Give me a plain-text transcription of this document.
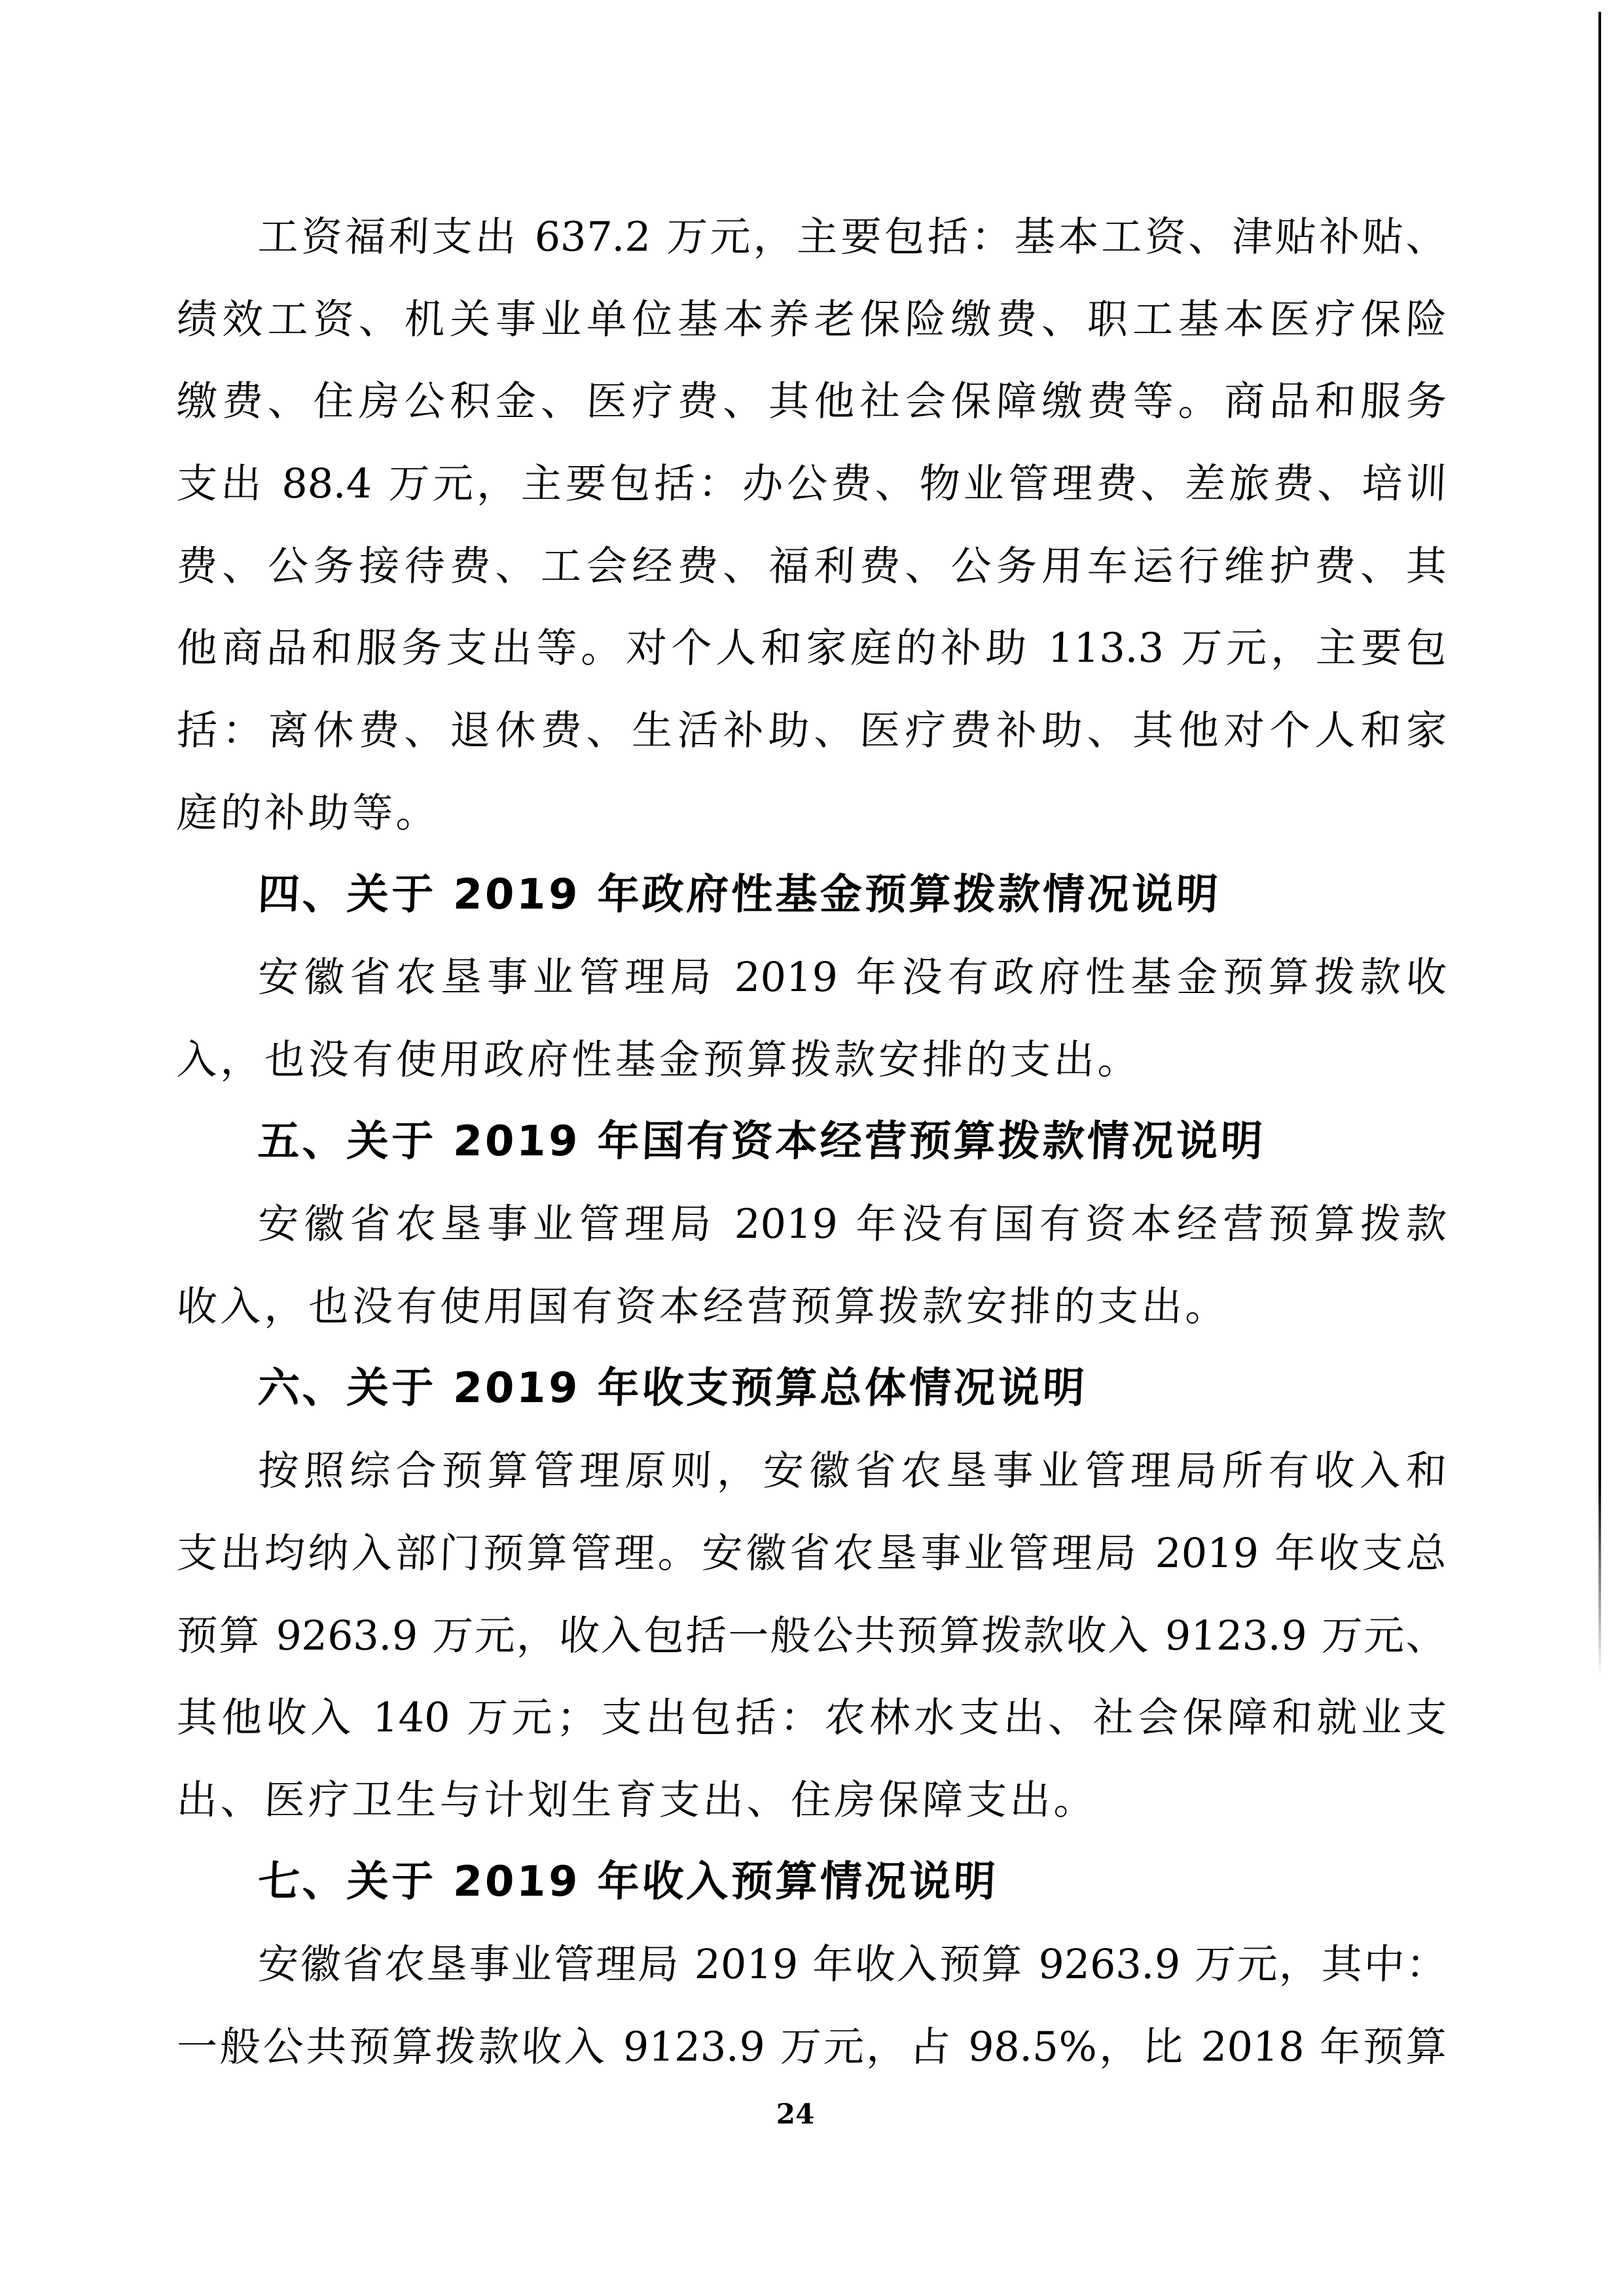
工资福利支出 637.2 万元，主要包括：基本工资、津贴补贴、
绩效工资、机关事业单位基本养老保险缴费、职工基本医疗保险
缴费、住房公积金、医疗费、其他社会保障缴费等。商品和服务
支出 88.4 万元，主要包括：办公费、物业管理费、差旅费、培训
费、公务接待费、工会经费、福利费、公务用车运行维护费、其
他商品和服务支出等。对个人和家庭的补助 113.3 万元，主要包
括：离休费、退休费、生活补助、医疗费补助、其他对个人和家
庭的补助等。
四、关于 2019 年政府性基金预算拨款情况说明
安徽省农垦事业管理局 2019 年没有政府性基金预算拨款收
入，也没有使用政府性基金预算拨款安排的支出。
五、关于 2019 年国有资本经营预算拨款情况说明
安徽省农垦事业管理局 2019 年没有国有资本经营预算拨款
收入，也没有使用国有资本经营预算拨款安排的支出。
六、关于 2019 年收支预算总体情况说明
按照综合预算管理原则，安徽省农垦事业管理局所有收入和
支出均纳入部门预算管理。安徽省农垦事业管理局 2019 年收支总
预算 9263.9 万元，收入包括一般公共预算拨款收入 9123.9 万元、
其他收入 140 万元；支出包括：农林水支出、社会保障和就业支
出、医疗卫生与计划生育支出、住房保障支出。
七、关于 2019 年收入预算情况说明
安徽省农垦事业管理局 2019 年收入预算 9263.9 万元，其中：
一般公共预算拨款收入 9123.9 万元，占 98.5%，比 2018 年预算
24
